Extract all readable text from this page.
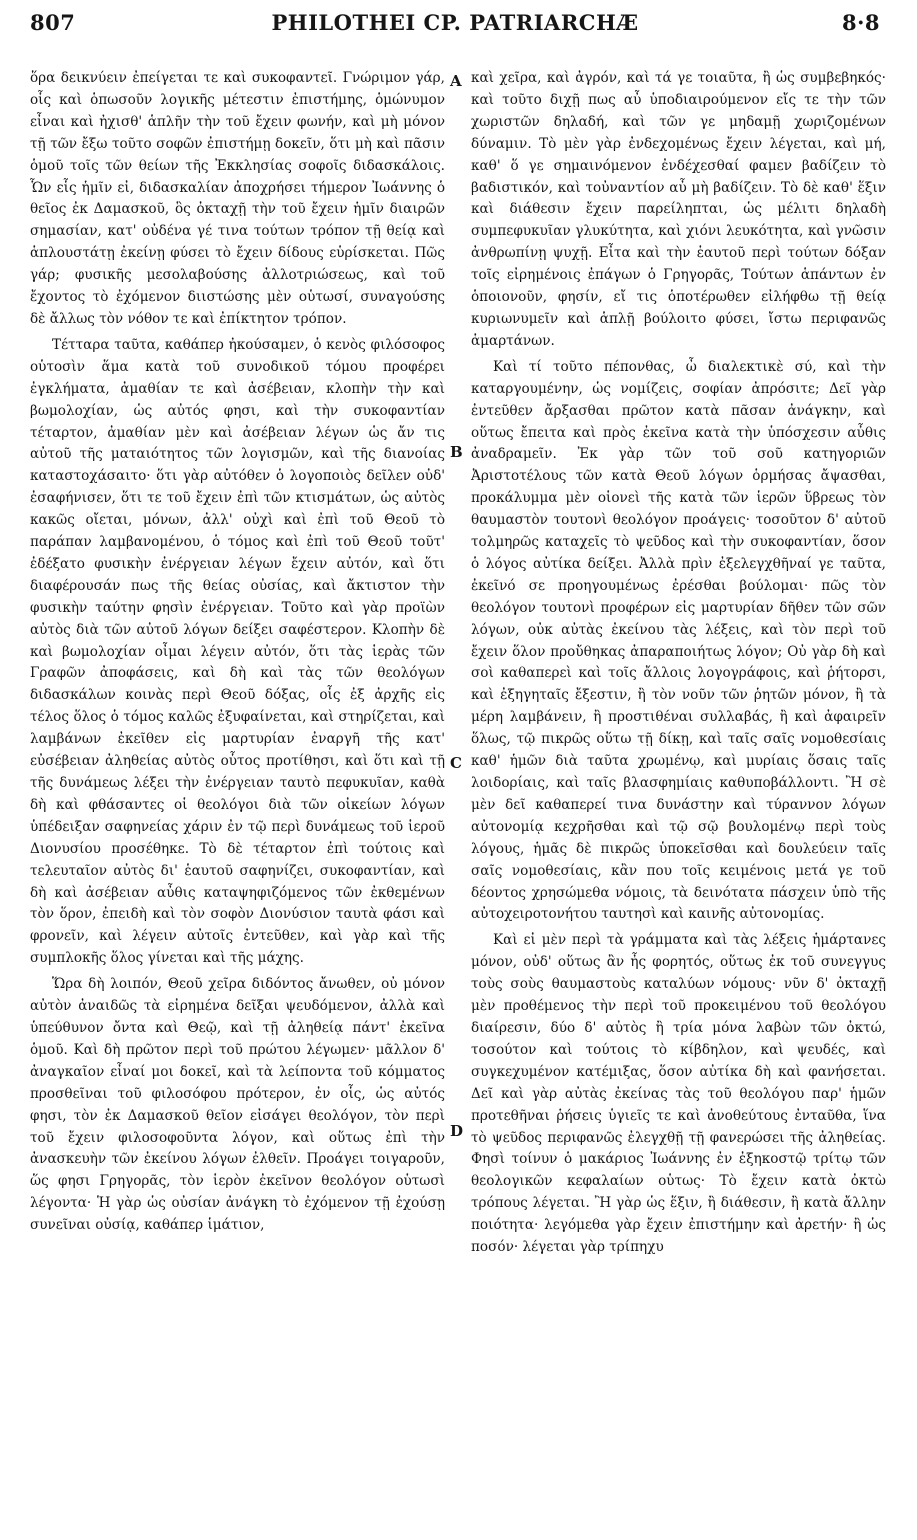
807	PHILOTHEI CP. PATRIARCHÆ	8·8
A
B
C
D

ὅρα δεικνύειν ἐπείγεται τε καὶ συκοφαντεῖ. Γνώριμον γάρ, οἷς καὶ ὁπωσοῦν λογικῆς μέτεστιν ἐπιστήμης, ὁμώνυμον εἶναι καὶ ἠχισθ' ἁπλῆν τὴν τοῦ ἔχειν φωνήν, καὶ μὴ μόνον τῇ τῶν ἔξω τοῦτο σοφῶν ἐπιστήμῃ δοκεῖν, ὅτι μὴ καὶ πᾶσιν ὁμοῦ τοῖς τῶν θείων τῆς Ἐκκλησίας σοφοῖς διδασκάλοις. Ὧν εἷς ἡμῖν εἰ, διδασκαλίαν ἀποχρήσει τήμερον Ἰωάννης ὁ θεῖος ἐκ Δαμασκοῦ, ὃς ὀκταχῇ τὴν τοῦ ἔχειν ἡμῖν διαιρῶν σημασίαν, κατ' οὐδένα γέ τινα τούτων τρόπον τῇ θείᾳ καὶ ἁπλουστάτῃ ἐκείνῃ φύσει τὸ ἔχειν δίδους εὑρίσκεται. Πῶς γάρ; φυσικῆς μεσολαβούσης ἀλλοτριώσεως, καὶ τοῦ ἔχοντος τὸ ἐχόμενον διιστώσης μὲν οὑτωσί, συναγούσης δὲ ἄλλως τὸν νόθον τε καὶ ἐπίκτητον τρόπον.

Τέτταρα ταῦτα, καθάπερ ἠκούσαμεν, ὁ κενὸς φιλόσοφος οὑτοσὶν ἅμα κατὰ τοῦ συνοδικοῦ τόμου προφέρει ἐγκλήματα, ἀμαθίαν τε καὶ ἀσέβειαν, κλοπὴν τὴν καὶ βωμολοχίαν, ὡς αὐτός φησι, καὶ τὴν συκοφαντίαν τέταρτον, ἀμαθίαν μὲν καὶ ἀσέβειαν λέγων ὡς ἄν τις αὐτοῦ τῆς ματαιότητος τῶν λογισμῶν, καὶ τῆς διανοίας καταστοχάσαιτο· ὅτι γὰρ αὐτόθεν ὁ λογοποιὸς δεῖλεν οὐδ' ἐσαφήνισεν, ὅτι τε τοῦ ἔχειν ἐπὶ τῶν κτισμάτων, ὡς αὐτὸς κακῶς οἴεται, μόνων, ἀλλ' οὐχὶ καὶ ἐπὶ τοῦ Θεοῦ τὸ παράπαν λαμβανομένου, ὁ τόμος καὶ ἐπὶ τοῦ Θεοῦ τοῦτ' ἐδέξατο φυσικὴν ἐνέργειαν λέγων ἔχειν αὐτόν, καὶ ὅτι διαφέρουσάν πως τῆς θείας οὐσίας, καὶ ἄκτιστον τὴν φυσικὴν ταύτην φησὶν ἐνέργειαν. Τοῦτο καὶ γὰρ προϊὼν αὐτὸς διὰ τῶν αὐτοῦ λόγων δείξει σαφέστερον. Κλοπὴν δὲ καὶ βωμολοχίαν οἶμαι λέγειν αὐτόν, ὅτι τὰς ἱερὰς τῶν Γραφῶν ἀποφάσεις, καὶ δὴ καὶ τὰς τῶν θεολόγων διδασκάλων κοινὰς περὶ Θεοῦ δόξας, οἷς ἐξ ἀρχῆς εἰς τέλος ὅλος ὁ τόμος καλῶς ἐξυφαίνεται, καὶ στηρίζεται, καὶ λαμβάνων ἐκεῖθεν εἰς μαρτυρίαν ἐναργῆ τῆς κατ' εὐσέβειαν ἀληθείας αὐτὸς οὗτος προτίθησι, καὶ ὅτι καὶ τῇ τῆς δυνάμεως λέξει τὴν ἐνέργειαν ταυτὸ πεφυκυῖαν, καθὰ δὴ καὶ φθάσαντες οἱ θεολόγοι διὰ τῶν οἰκείων λόγων ὑπέδειξαν σαφηνείας χάριν ἐν τῷ περὶ δυνάμεως τοῦ ἱεροῦ Διονυσίου προσέθηκε. Τὸ δὲ τέταρτον ἐπὶ τούτοις καὶ τελευταῖον αὐτὸς δι' ἑαυτοῦ σαφηνίζει, συκοφαντίαν, καὶ δὴ καὶ ἀσέβειαν αὖθις καταψηφιζόμενος τῶν ἐκθεμένων τὸν ὅρον, ἐπειδὴ καὶ τὸν σοφὸν Διονύσιον ταυτὰ φάσι καὶ φρονεῖν, καὶ λέγειν αὐτοῖς ἐντεῦθεν, καὶ γὰρ καὶ τῆς συμπλοκῆς ὅλος γίνεται καὶ τῆς μάχης.

Ὥρα δὴ λοιπόν, Θεοῦ χεῖρα διδόντος ἄνωθεν, οὐ μόνον αὐτὸν ἀναιδῶς τὰ εἰρημένα δεῖξαι ψευδόμενον, ἀλλὰ καὶ ὑπεύθυνον ὄντα καὶ Θεῷ, καὶ τῇ ἀληθείᾳ πάντ' ἐκεῖνα ὁμοῦ. Καὶ δὴ πρῶτον περὶ τοῦ πρώτου λέγωμεν· μᾶλλον δ' ἀναγκαῖον εἶναί μοι δοκεῖ, καὶ τὰ λείποντα τοῦ κόμματος προσθεῖναι τοῦ φιλοσόφου πρότερον, ἐν οἷς, ὡς αὐτός φησι, τὸν ἐκ Δαμασκοῦ θεῖον εἰσάγει θεολόγον, τὸν περὶ τοῦ ἔχειν φιλοσοφοῦντα λόγον, καὶ οὕτως ἐπὶ τὴν ἀνασκευὴν τῶν ἐκείνου λόγων ἐλθεῖν. Προάγει τοιγαροῦν, ὥς φησι Γρηγορᾶς, τὸν ἱερὸν ἐκεῖνον θεολόγον οὑτωσὶ λέγοντα· Ἡ γὰρ ὡς οὐσίαν ἀνάγκη τὸ ἐχόμενον τῇ ἐχούσῃ συνεῖναι οὐσίᾳ, καθάπερ ἱμάτιον,

καὶ χεῖρα, καὶ ἀγρόν, καὶ τά γε τοιαῦτα, ἢ ὡς συμβεβηκός· καὶ τοῦτο διχῇ πως αὖ ὑποδιαιρούμενον εἴς τε τὴν τῶν χωριστῶν δηλαδή, καὶ τῶν γε μηδαμῇ χωριζομένων δύναμιν. Τὸ μὲν γὰρ ἐνδεχομένως ἔχειν λέγεται, καὶ μή, καθ' ὅ γε σημαινόμενον ἐνδέχεσθαί φαμεν βαδίζειν τὸ βαδιστικόν, καὶ τοὐναντίον αὖ μὴ βαδίζειν. Τὸ δὲ καθ' ἕξιν καὶ διάθεσιν ἔχειν παρείληπται, ὡς μέλιτι δηλαδὴ συμπεφυκυῖαν γλυκύτητα, καὶ χιόνι λευκότητα, καὶ γνῶσιν ἀνθρωπίνῃ ψυχῇ. Εἶτα καὶ τὴν ἑαυτοῦ περὶ τούτων δόξαν τοῖς εἰρημένοις ἐπάγων ὁ Γρηγορᾶς, Τούτων ἁπάντων ἐν ὁποιονοῦν, φησίν, εἴ τις ὁποτέρωθεν εἰλήφθω τῇ θείᾳ κυριωνυμεῖν καὶ ἁπλῇ βούλοιτο φύσει, ἴστω περιφανῶς ἁμαρτάνων.

Καὶ τί τοῦτο πέπονθας, ὦ διαλεκτικὲ σύ, καὶ τὴν καταργουμένην, ὡς νομίζεις, σοφίαν ἀπρόσιτε; Δεῖ γὰρ ἐντεῦθεν ἄρξασθαι πρῶτον κατὰ πᾶσαν ἀνάγκην, καὶ οὕτως ἔπειτα καὶ πρὸς ἐκεῖνα κατὰ τὴν ὑπόσχεσιν αὖθις ἀναδραμεῖν. Ἐκ γὰρ τῶν τοῦ σοῦ κατηγοριῶν Ἀριστοτέλους τῶν κατὰ Θεοῦ λόγων ὁρμήσας ἄψασθαι, προκάλυμμα μὲν οἱονεὶ τῆς κατὰ τῶν ἱερῶν ὕβρεως τὸν θαυμαστὸν τουτονὶ θεολόγον προάγεις· τοσοῦτον δ' αὐτοῦ τολμηρῶς καταχεῖς τὸ ψεῦδος καὶ τὴν συκοφαντίαν, ὅσον ὁ λόγος αὐτίκα δείξει. Ἀλλὰ πρὶν ἐξελεγχθῆναί γε ταῦτα, ἐκεῖνό σε προηγουμένως ἐρέσθαι βούλομαι· πῶς τὸν θεολόγον τουτονὶ προφέρων εἰς μαρτυρίαν δῆθεν τῶν σῶν λόγων, οὐκ αὐτὰς ἐκείνου τὰς λέξεις, καὶ τὸν περὶ τοῦ ἔχειν ὅλον προὔθηκας ἀπαραποιήτως λόγον; Οὐ γὰρ δὴ καὶ σοὶ καθαπερεὶ καὶ τοῖς ἄλλοις λογογράφοις, καὶ ῥήτορσι, καὶ ἐξηγηταῖς ἔξεστιν, ἢ τὸν νοῦν τῶν ῥητῶν μόνον, ἢ τὰ μέρη λαμβάνειν, ἢ προστιθέναι συλλαβάς, ἢ καὶ ἀφαιρεῖν ὅλως, τῷ πικρῶς οὕτω τῇ δίκῃ, καὶ ταῖς σαῖς νομοθεσίαις καθ' ἡμῶν διὰ ταῦτα χρωμένῳ, καὶ μυρίαις ὅσαις ταῖς λοιδορίαις, καὶ ταῖς βλασφημίαις καθυποβάλλοντι. Ἢ σὲ μὲν δεῖ καθαπερεί τινα δυνάστην καὶ τύραννον λόγων αὐτονομίᾳ κεχρῆσθαι καὶ τῷ σῷ βουλομένῳ περὶ τοὺς λόγους, ἡμᾶς δὲ πικρῶς ὑποκεῖσθαι καὶ δουλεύειν ταῖς σαῖς νομοθεσίαις, κἂν που τοῖς κειμένοις μετά γε τοῦ δέοντος χρησώμεθα νόμοις, τὰ δεινότατα πάσχειν ὑπὸ τῆς αὐτοχειροτονήτου ταυτησὶ καὶ καινῆς αὐτονομίας.

Καὶ εἰ μὲν περὶ τὰ γράμματα καὶ τὰς λέξεις ἡμάρτανες μόνον, οὐδ' οὕτως ἂν ἦς φορητός, οὕτως ἐκ τοῦ συνεγγυς τοὺς σοὺς θαυμαστοὺς καταλύων νόμους· νῦν δ' ὀκταχῇ μὲν προθέμενος τὴν περὶ τοῦ προκειμένου τοῦ θεολόγου διαίρεσιν, δύο δ' αὐτὸς ἢ τρία μόνα λαβὼν τῶν ὀκτώ, τοσούτον καὶ τούτοις τὸ κίβδηλον, καὶ ψευδές, καὶ συγκεχυμένον κατέμιξας, ὅσον αὐτίκα δὴ καὶ φανήσεται. Δεῖ καὶ γὰρ αὐτὰς ἐκείνας τὰς τοῦ θεολόγου παρ' ἡμῶν προτεθῆναι ῥήσεις ὑγιεῖς τε καὶ ἀνοθεύτους ἐνταῦθα, ἵνα τὸ ψεῦδος περιφανῶς ἐλεγχθῇ τῇ φανερώσει τῆς ἀληθείας. Φησὶ τοίνυν ὁ μακάριος Ἰωάννης ἐν ἐξηκοστῷ τρίτῳ τῶν θεολογικῶν κεφαλαίων οὑτως· Τὸ ἔχειν κατὰ ὀκτὼ τρόπους λέγεται. Ἢ γὰρ ὡς ἕξιν, ἢ διάθεσιν, ἢ κατὰ ἄλλην ποιότητα· λεγόμεθα γὰρ ἔχειν ἐπιστήμην καὶ ἀρετήν· ἢ ὡς ποσόν· λέγεται γὰρ τρίπηχυ
